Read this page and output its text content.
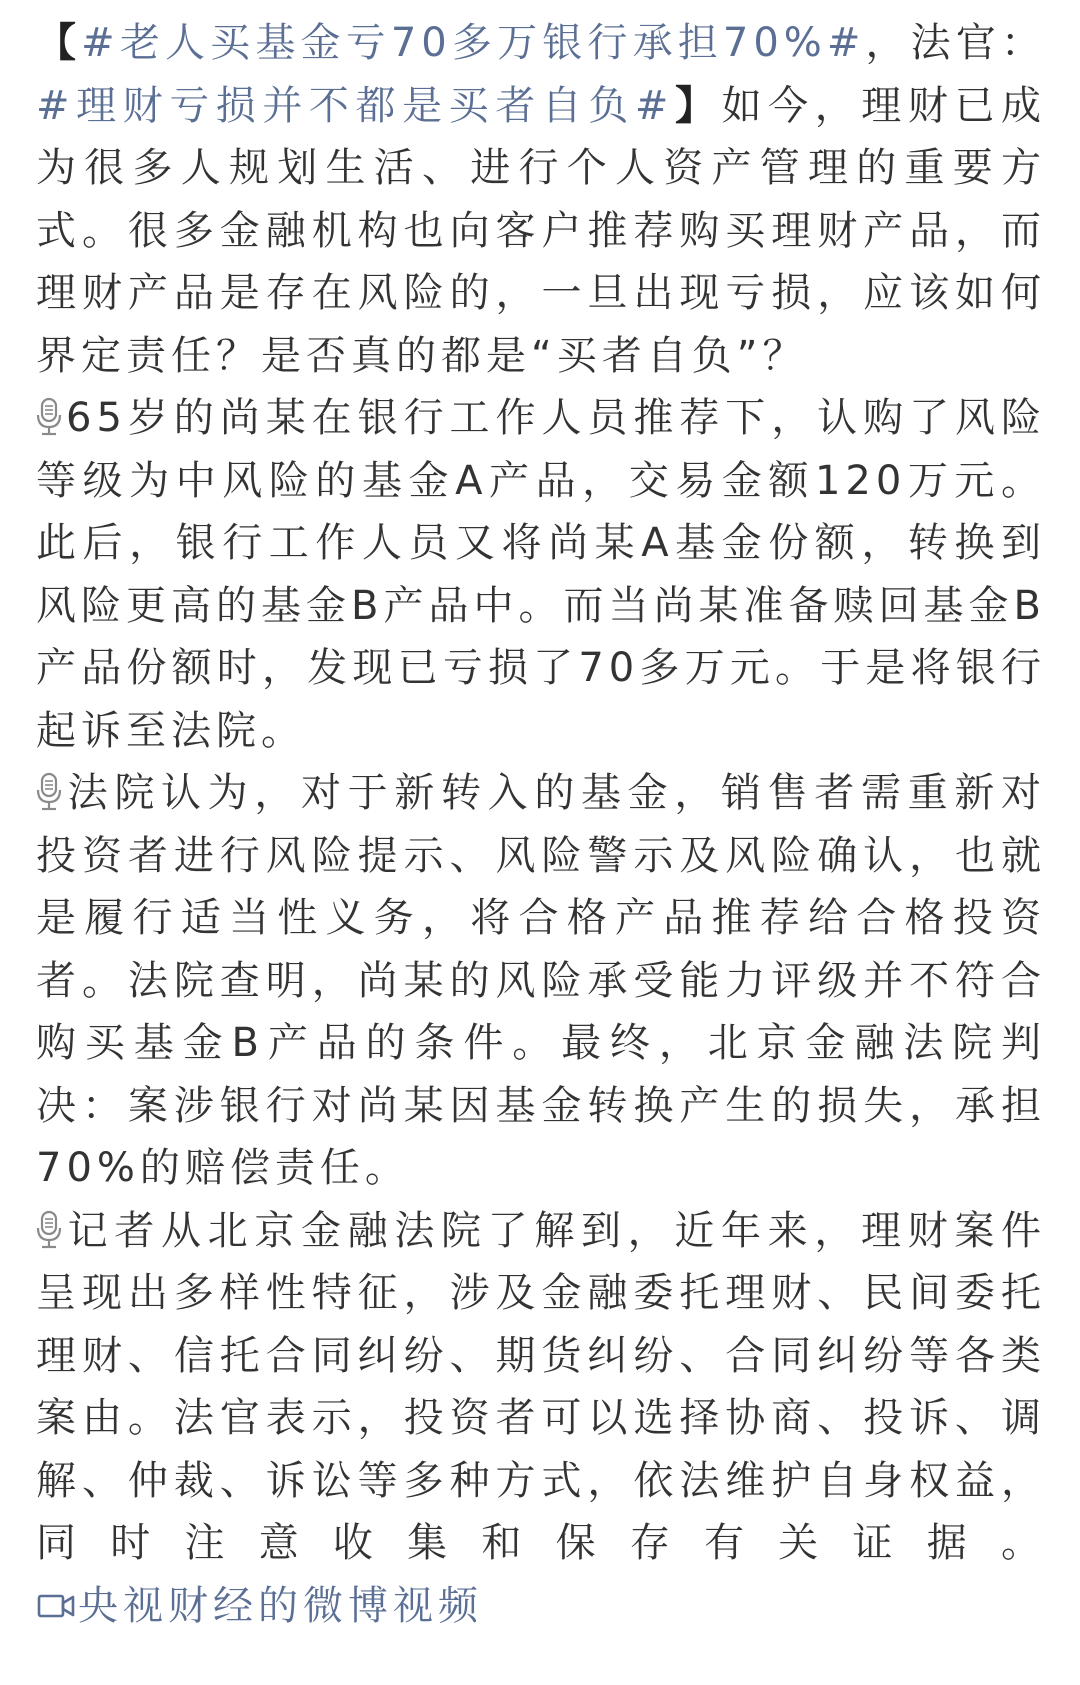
【#老人买基金亏70多万银行承担70%#，法官：#理财亏损并不都是买者自负#】如今，理财已成为很多人规划生活、进行个人资产管理的重要方式。很多金融机构也向客户推荐购买理财产品，而理财产品是存在风险的，一旦出现亏损，应该如何界定责任？是否真的都是“买者自负”？

65岁的尚某在银行工作人员推荐下，认购了风险等级为中风险的基金A产品，交易金额120万元。此后，银行工作人员又将尚某A基金份额，转换到风险更高的基金B产品中。而当尚某准备赎回基金B产品份额时，发现已亏损了70多万元。于是将银行起诉至法院。

法院认为，对于新转入的基金，销售者需重新对投资者进行风险提示、风险警示及风险确认，也就是履行适当性义务，将合格产品推荐给合格投资者。法院查明，尚某的风险承受能力评级并不符合购买基金B产品的条件。最终，北京金融法院判决：案涉银行对尚某因基金转换产生的损失，承担70%的赔偿责任。

记者从北京金融法院了解到，近年来，理财案件呈现出多样性特征，涉及金融委托理财、民间委托理财、信托合同纠纷、期货纠纷、合同纠纷等各类案由。法官表示，投资者可以选择协商、投诉、调解、仲裁、诉讼等多种方式，依法维护自身权益，同时注意收集和保存有关证据。
央视财经的微博视频
